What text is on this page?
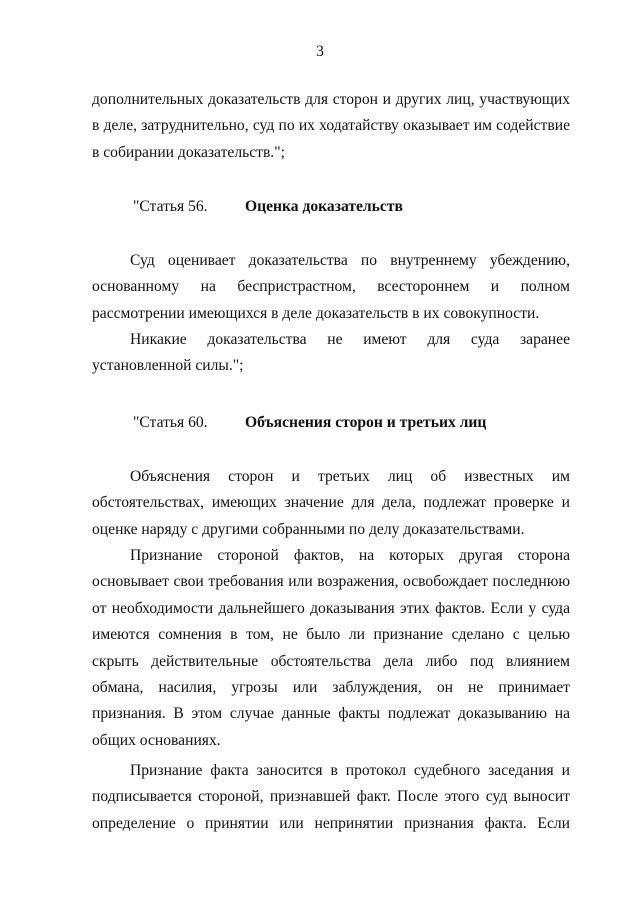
3
дополнительных доказательств для сторон и других лиц, участвующих
в деле, затруднительно, суд по их ходатайству оказывает им содействие
в собирании доказательств.";
"Статья 56. Оценка доказательств
Суд оценивает доказательства по внутреннему убеждению,
основанному на беспристрастном, всестороннем и полном
рассмотрении имеющихся в деле доказательств в их совокупности.
Никакие доказательства не имеют для суда заранее
установленной силы.";
"Статья 60. Объяснения сторон и третьих лиц
Объяснения сторон и третьих лиц об известных им
обстоятельствах, имеющих значение для дела, подлежат проверке и
оценке наряду с другими собранными по делу доказательствами.
Признание стороной фактов, на которых другая сторона
основывает свои требования или возражения, освобождает последнюю
от необходимости дальнейшего доказывания этих фактов. Если у суда
имеются сомнения в том, не было ли признание сделано с целью
скрыть действительные обстоятельства дела либо под влиянием
обмана, насилия, угрозы или заблуждения, он не принимает
признания. В этом случае данные факты подлежат доказыванию на
общих основаниях.
Признание факта заносится в протокол судебного заседания и
подписывается стороной, признавшей факт. После этого суд выносит
определение о принятии или непринятии признания факта. Если
